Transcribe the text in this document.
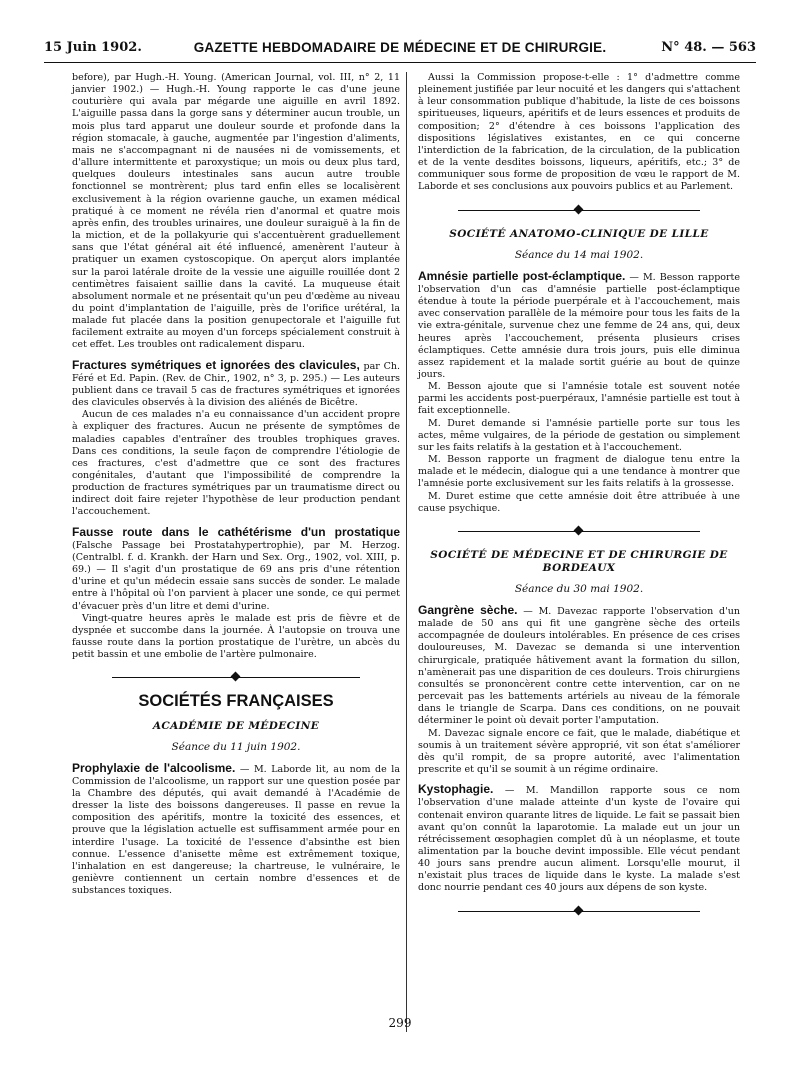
15 Juin 1902.	GAZETTE HEBDOMADAIRE DE MÉDECINE ET DE CHIRURGIE.	N° 48. — 563

before), par Hugh.-H. Young. (American Journal, vol. III, n° 2, 11 janvier 1902.) — Hugh.-H. Young rapporte le cas d'une jeune couturière qui avala par mégarde une aiguille en avril 1892. L'aiguille passa dans la gorge sans y déterminer aucun trouble, un mois plus tard apparut une douleur sourde et profonde dans la région stomacale, à gauche, augmentée par l'ingestion d'aliments, mais ne s'accompagnant ni de nausées ni de vomissements, et d'allure intermittente et paroxystique; un mois ou deux plus tard, quelques douleurs intestinales sans aucun autre trouble fonctionnel se montrèrent; plus tard enfin elles se localisèrent exclusivement à la région ovarienne gauche, un examen médical pratiqué à ce moment ne révéla rien d'anormal et quatre mois après enfin, des troubles urinaires, une douleur suraiguë à la fin de la miction, et de la pollakyurie qui s'accentuèrent graduellement sans que l'état général ait été influencé, amenèrent l'auteur à pratiquer un examen cystoscopique. On aperçut alors implantée sur la paroi latérale droite de la vessie une aiguille rouillée dont 2 centimètres faisaient saillie dans la cavité. La muqueuse était absolument normale et ne présentait qu'un peu d'œdème au niveau du point d'implantation de l'aiguille, près de l'orifice urétéral, la malade fut placée dans la position genupectorale et l'aiguille fut facilement extraite au moyen d'un forceps spécialement construit à cet effet. Les troubles ont radicalement disparu.

Fractures symétriques et ignorées des clavicules, par Ch. Féré et Ed. Papin. (Rev. de Chir., 1902, n° 3, p. 295.) — Les auteurs publient dans ce travail 5 cas de fractures symétriques et ignorées des clavicules observés à la division des aliénés de Bicêtre.

Aucun de ces malades n'a eu connaissance d'un accident propre à expliquer des fractures. Aucun ne présente de symptômes de maladies capables d'entraîner des troubles trophiques graves. Dans ces conditions, la seule façon de comprendre l'étiologie de ces fractures, c'est d'admettre que ce sont des fractures congénitales, d'autant que l'impossibilité de comprendre la production de fractures symétriques par un traumatisme direct ou indirect doit faire rejeter l'hypothèse de leur production pendant l'accouchement.

Fausse route dans le cathétérisme d'un prostatique (Falsche Passage bei Prostatahypertrophie), par M. Herzog. (Centralbl. f. d. Krankh. der Harn und Sex. Org., 1902, vol. XIII, p. 69.) — Il s'agit d'un prostatique de 69 ans pris d'une rétention d'urine et qu'un médecin essaie sans succès de sonder. Le malade entre à l'hôpital où l'on parvient à placer une sonde, ce qui permet d'évacuer près d'un litre et demi d'urine.

Vingt-quatre heures après le malade est pris de fièvre et de dyspnée et succombe dans la journée. À l'autopsie on trouva une fausse route dans la portion prostatique de l'urètre, un abcès du petit bassin et une embolie de l'artère pulmonaire.

SOCIÉTÉS FRANÇAISES
ACADÉMIE DE MÉDECINE
Séance du 11 juin 1902.

Prophylaxie de l'alcoolisme. — M. Laborde lit, au nom de la Commission de l'alcoolisme, un rapport sur une question posée par la Chambre des députés, qui avait demandé à l'Académie de dresser la liste des boissons dangereuses. Il passe en revue la composition des apéritifs, montre la toxicité des essences, et prouve que la législation actuelle est suffisamment armée pour en interdire l'usage. La toxicité de l'essence d'absinthe est bien connue. L'essence d'anisette même est extrêmement toxique, l'inhalation en est dangereuse; la chartreuse, le vulnéraire, le genièvre contiennent un certain nombre d'essences et de substances toxiques.

Aussi la Commission propose-t-elle : 1° d'admettre comme pleinement justifiée par leur nocuité et les dangers qui s'attachent à leur consommation publique d'habitude, la liste de ces boissons spiritueuses, liqueurs, apéritifs et de leurs essences et produits de composition; 2° d'étendre à ces boissons l'application des dispositions législatives existantes, en ce qui concerne l'interdiction de la fabrication, de la circulation, de la publication et de la vente desdites boissons, liqueurs, apéritifs, etc.; 3° de communiquer sous forme de proposition de vœu le rapport de M. Laborde et ses conclusions aux pouvoirs publics et au Parlement.

SOCIÉTÉ ANATOMO-CLINIQUE DE LILLE
Séance du 14 mai 1902.

Amnésie partielle post-éclamptique. — M. Besson rapporte l'observation d'un cas d'amnésie partielle post-éclamptique étendue à toute la période puerpérale et à l'accouchement, mais avec conservation parallèle de la mémoire pour tous les faits de la vie extra-génitale, survenue chez une femme de 24 ans, qui, deux heures après l'accouchement, présenta plusieurs crises éclamptiques. Cette amnésie dura trois jours, puis elle diminua assez rapidement et la malade sortit guérie au bout de quinze jours.

M. Besson ajoute que si l'amnésie totale est souvent notée parmi les accidents post-puerpéraux, l'amnésie partielle est tout à fait exceptionnelle.

M. Duret demande si l'amnésie partielle porte sur tous les actes, même vulgaires, de la période de gestation ou simplement sur les faits relatifs à la gestation et à l'accouchement.

M. Besson rapporte un fragment de dialogue tenu entre la malade et le médecin, dialogue qui a une tendance à montrer que l'amnésie porte exclusivement sur les faits relatifs à la grossesse.

M. Duret estime que cette amnésie doit être attribuée à une cause psychique.

SOCIÉTÉ DE MÉDECINE ET DE CHIRURGIE DE BORDEAUX
Séance du 30 mai 1902.

Gangrène sèche. — M. Davezac rapporte l'observation d'un malade de 50 ans qui fit une gangrène sèche des orteils accompagnée de douleurs intolérables. En présence de ces crises douloureuses, M. Davezac se demanda si une intervention chirurgicale, pratiquée hâtivement avant la formation du sillon, n'amènerait pas une disparition de ces douleurs. Trois chirurgiens consultés se prononcèrent contre cette intervention, car on ne percevait pas les battements artériels au niveau de la fémorale dans le triangle de Scarpa. Dans ces conditions, on ne pouvait déterminer le point où devait porter l'amputation.

M. Davezac signale encore ce fait, que le malade, diabétique et soumis à un traitement sévère approprié, vit son état s'améliorer dès qu'il rompit, de sa propre autorité, avec l'alimentation prescrite et qu'il se soumit à un régime ordinaire.

Kystophagie. — M. Mandillon rapporte sous ce nom l'observation d'une malade atteinte d'un kyste de l'ovaire qui contenait environ quarante litres de liquide. Le fait se passait bien avant qu'on connût la laparotomie. La malade eut un jour un rétrécissement œsophagien complet dû à un néoplasme, et toute alimentation par la bouche devint impossible. Elle vécut pendant 40 jours sans prendre aucun aliment. Lorsqu'elle mourut, il n'existait plus traces de liquide dans le kyste. La malade s'est donc nourrie pendant ces 40 jours aux dépens de son kyste.

299
